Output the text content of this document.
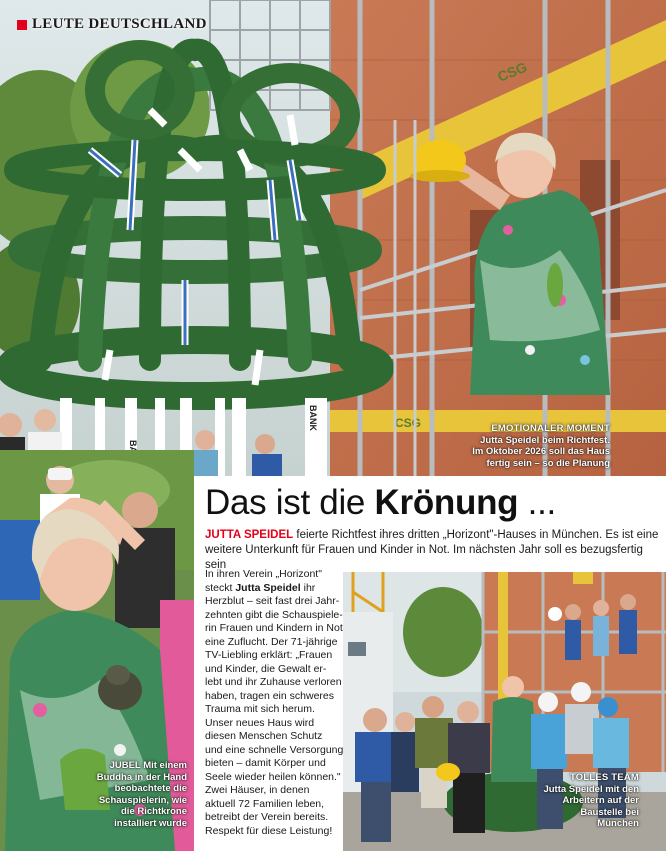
CSG
CSG
BANK	EMOTIONALER MOMENT
Jutta Speidel beim Richtfest. Im Oktober 2026 soll das Haus fertig sein – so die Planung
LEUTE DEUTSCHLAND
JUBEL Mit einem Buddha in der Hand beobachtete die Schauspielerin, wie die Richtkrone installiert wurde
Das ist die Krönung ...
JUTTA SPEIDEL feierte Richtfest ihres dritten „Horizont"-Hauses in München. Es ist eine weitere Unterkunft für Frauen und Kinder in Not. Im nächsten Jahr soll es bezugsfertig sein
In ihren Verein „Horizont"
steckt Jutta Speidel ihr
Herzblut – seit fast drei Jahr-
zehnten gibt die Schauspiele-
rin Frauen und Kindern in Not
eine Zuflucht. Der 71-jährige
TV-Liebling erklärt: „Frauen
und Kinder, die Gewalt er-
lebt und ihr Zuhause verloren
haben, tragen ein schweres
Trauma mit sich herum.
Unser neues Haus wird
diesen Menschen Schutz
und eine schnelle Versorgung
bieten – damit Körper und
Seele wieder heilen können."
Zwei Häuser, in denen
aktuell 72 Familien leben,
betreibt der Verein bereits.
Respekt für diese Leistung!
TOLLES TEAM
Jutta Speidel mit den Arbeitern auf der Baustelle bei München
